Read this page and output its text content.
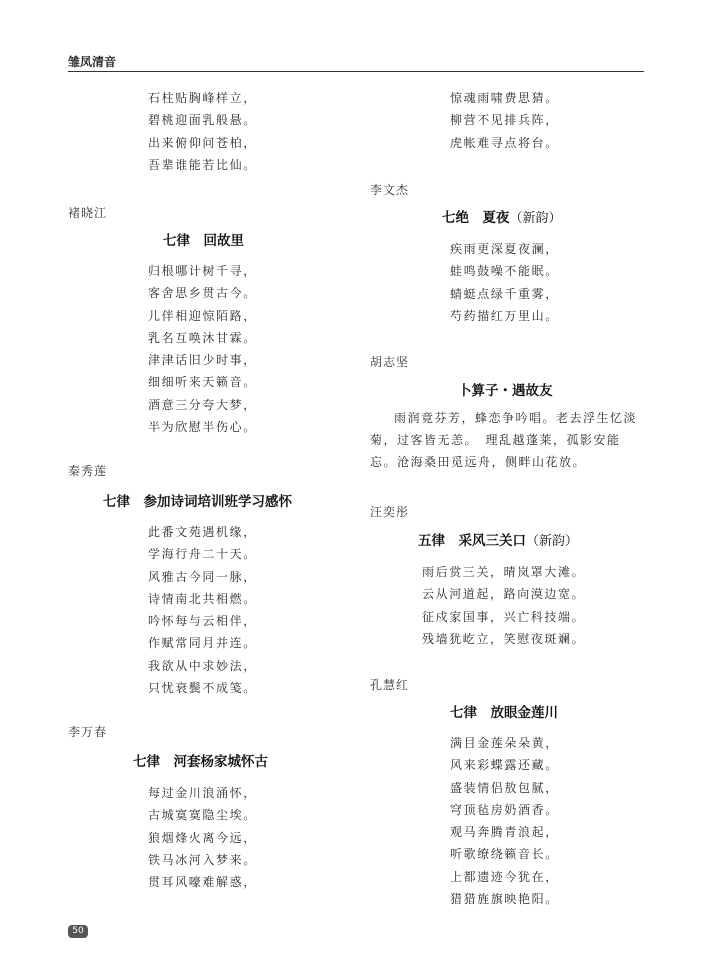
雏凤清音
石柱贴胸峰样立，
碧桃迎面乳般悬。
出来俯仰问苍柏，
吾辈谁能若比仙。
褚晓江
七律　回故里
归根哪计树千寻，
客舍思乡贯古今。
儿伴相迎惊陌路，
乳名互唤沐甘霖。
津津话旧少时事，
细细听来天籁音。
酒意三分夸大梦，
半为欣慰半伤心。
秦秀莲
七律　参加诗词培训班学习感怀
此番文苑遇机缘，
学海行舟二十天。
风雅古今同一脉，
诗情南北共相燃。
吟怀每与云相伴，
作赋常同月并连。
我欲从中求妙法，
只忧衰鬓不成笺。
李万春
七律　河套杨家城怀古
每过金川浪涌怀，
古城寞寞隐尘埃。
狼烟烽火离今远，
铁马冰河入梦来。
贯耳风嚎难解惑，
惊魂雨啸费思猜。
柳营不见排兵阵，
虎帐难寻点将台。
李文杰
七绝　夏夜（新韵）
疾雨更深夏夜澜，
蛙鸣鼓噪不能眠。
蜻蜓点绿千重雾，
芍药描红万里山。
胡志坚
卜算子・遇故友

雨润竟芬芳，蜂恋争吟唱。老去浮生忆淡菊，过客皆无恙。　理乱越蓬莱，孤影安能忘。沧海桑田觅远舟，侧畔山花放。

汪奕彤
五律　采风三关口（新韵）
雨后赏三关，晴岚罩大滩。
云从河道起，路向漠边宽。
征戍家国事，兴亡科技端。
残墙犹屹立，笑慰夜斑斓。
孔慧红
七律　放眼金莲川
满目金莲朵朵黄，
风来彩蝶露还藏。
盛装情侣敖包腻，
穹顶毡房奶酒香。
观马奔腾青浪起，
听歌缭绕籁音长。
上都遗迹今犹在，
猎猎旌旗映艳阳。
50
